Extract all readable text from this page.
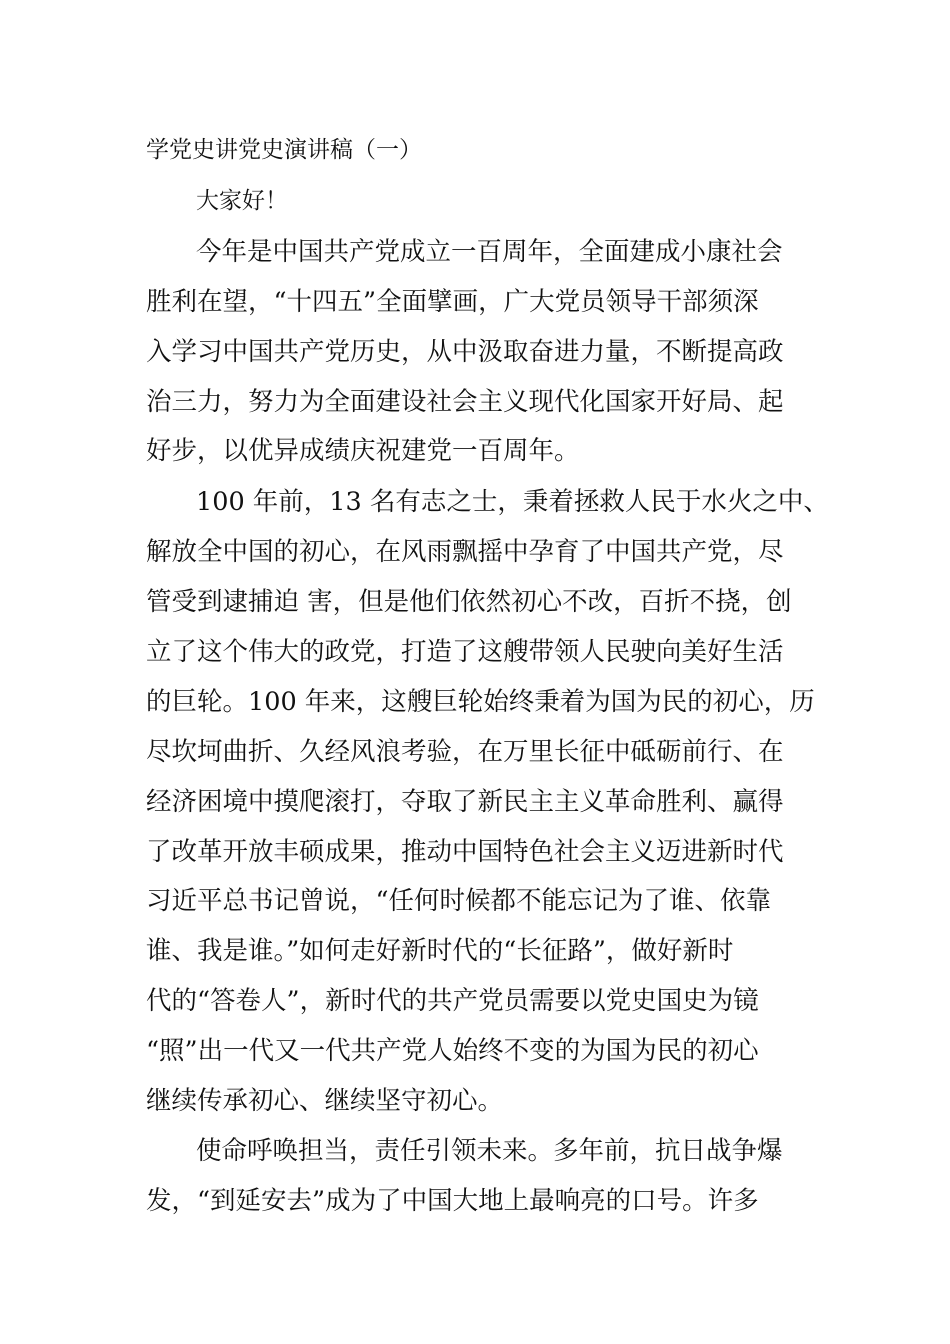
学党史讲党史演讲稿（一）
大家好！
今年是中国共产党成立一百周年，全面建成小康社会
胜利在望，“十四五”全面擘画，广大党员领导干部须深
入学习中国共产党历史，从中汲取奋进力量，不断提高政
治三力，努力为全面建设社会主义现代化国家开好局、起
好步，以优异成绩庆祝建党一百周年。
100 年前，13 名有志之士，秉着拯救人民于水火之中、
解放全中国的初心，在风雨飘摇中孕育了中国共产党，尽
管受到逮捕迫 害，但是他们依然初心不改，百折不挠，创
立了这个伟大的政党，打造了这艘带领人民驶向美好生活
的巨轮。100 年来，这艘巨轮始终秉着为国为民的初心，历
尽坎坷曲折、久经风浪考验，在万里长征中砥砺前行、在
经济困境中摸爬滚打，夺取了新民主主义革命胜利、赢得
了改革开放丰硕成果，推动中国特色社会主义迈进新时代
习近平总书记曾说，“任何时候都不能忘记为了谁、依靠
谁、我是谁。”如何走好新时代的“长征路”，做好新时
代的“答卷人”，新时代的共产党员需要以党史国史为镜
“照”出一代又一代共产党人始终不变的为国为民的初心
继续传承初心、继续坚守初心。
使命呼唤担当，责任引领未来。多年前，抗日战争爆
发，“到延安去”成为了中国大地上最响亮的口号。许多
